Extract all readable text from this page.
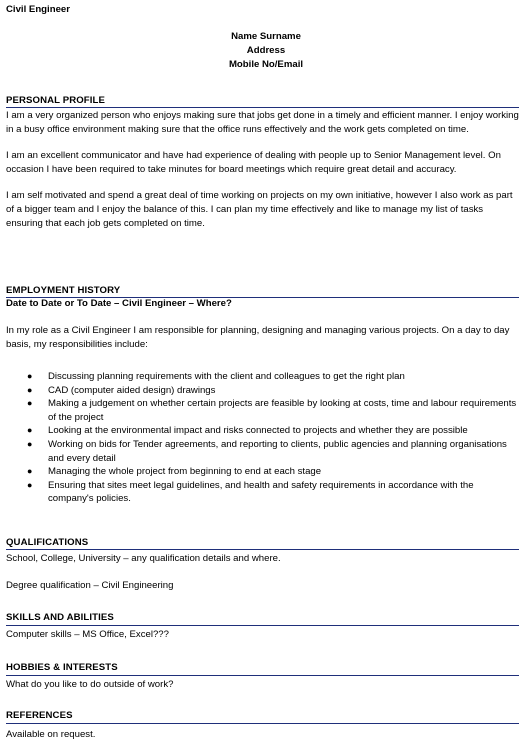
Civil Engineer
Name Surname
Address
Mobile No/Email
PERSONAL PROFILE

I am a very organized person who enjoys making sure that jobs get done in a timely and efficient manner. I enjoy working in a busy office environment making sure that the office runs effectively and the work gets completed on time.

I am an excellent communicator and have had experience of dealing with people up to Senior Management level. On occasion I have been required to take minutes for board meetings which require great detail and accuracy.

I am self motivated and spend a great deal of time working on projects on my own initiative, however I also work as part of a bigger team and I enjoy the balance of this. I can plan my time effectively and like to manage my list of tasks ensuring that each job gets completed on time.

EMPLOYMENT HISTORY
Date to Date or To Date – Civil Engineer – Where?
In my role as a Civil Engineer I am responsible for planning, designing and managing various projects. On a day to day basis, my responsibilities include:
● Discussing planning requirements with the client and colleagues to get the right plan
● CAD (computer aided design) drawings
● Making a judgement on whether certain projects are feasible by looking at costs, time and labour requirements of the project
● Looking at the environmental impact and risks connected to projects and whether they are possible
● Working on bids for Tender agreements, and reporting to clients, public agencies and planning organisations and every detail
● Managing the whole project from beginning to end at each stage
● Ensuring that sites meet legal guidelines, and health and safety requirements in accordance with the company's policies.
QUALIFICATIONS
School, College, University – any qualification details and where.
Degree qualification – Civil Engineering
SKILLS AND ABILITIES
Computer skills – MS Office, Excel???
HOBBIES & INTERESTS
What do you like to do outside of work?
REFERENCES
Available on request.
